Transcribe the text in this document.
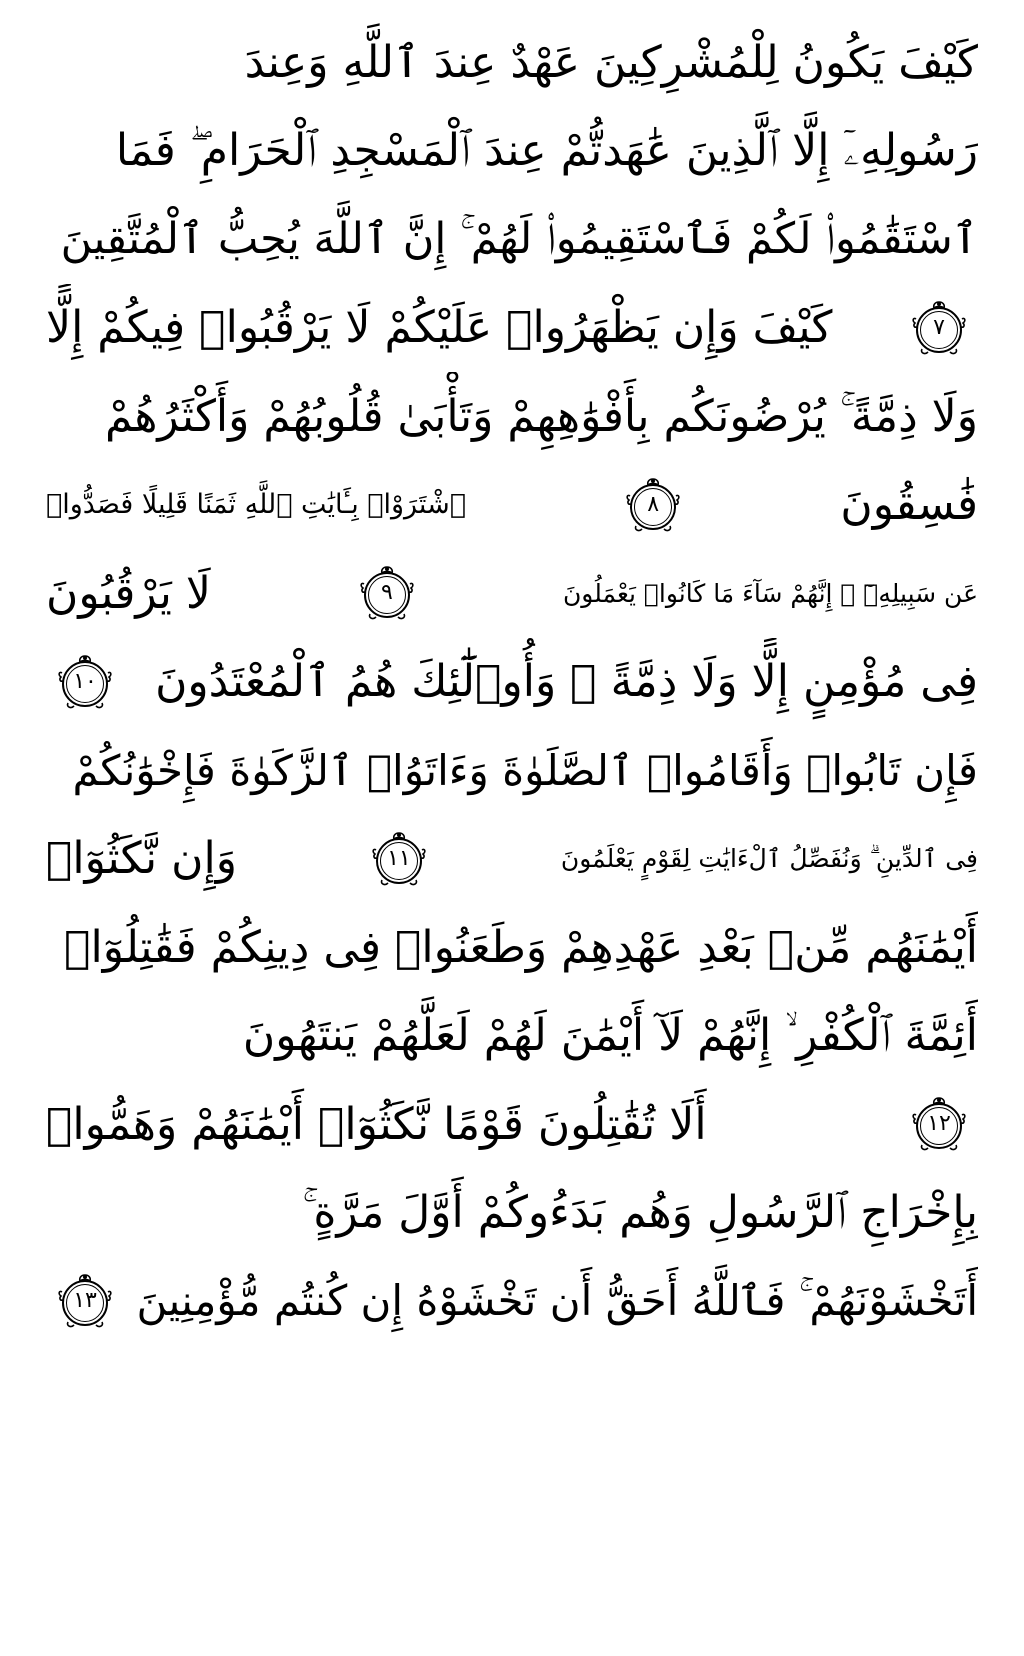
كَيْفَ يَكُونُ لِلْمُشْرِكِينَ عَهْدٌ عِندَ ٱللَّهِ وَعِندَ
رَسُولِهِۦٓ إِلَّا ٱلَّذِينَ عَٰهَدتُّمْ عِندَ ٱلْمَسْجِدِ ٱلْحَرَامِ ۖ فَمَا
ٱسْتَقَٰمُوا۟ لَكُمْ فَٱسْتَقِيمُوا۟ لَهُمْ ۚ إِنَّ ٱللَّهَ يُحِبُّ ٱلْمُتَّقِينَ
٧
كَيْفَ وَإِن يَظْهَرُوا۟ عَلَيْكُمْ لَا يَرْقُبُوا۟ فِيكُمْ إِلًّا
وَلَا ذِمَّةً ۚ يُرْضُونَكُم بِأَفْوَٰهِهِمْ وَتَأْبَىٰ قُلُوبُهُمْ وَأَكْثَرُهُمْ
فَٰسِقُونَ
٨
ٱشْتَرَوْا۟ بِـَٔايَٰتِ ٱللَّهِ ثَمَنًا قَلِيلًا فَصَدُّوا۟
عَن سَبِيلِهِۦٓ ۚ إِنَّهُمْ سَآءَ مَا كَانُوا۟ يَعْمَلُونَ
٩
لَا يَرْقُبُونَ
فِى مُؤْمِنٍ إِلًّا وَلَا ذِمَّةً ۚ وَأُو۟لَٰٓئِكَ هُمُ ٱلْمُعْتَدُونَ
١٠
فَإِن تَابُوا۟ وَأَقَامُوا۟ ٱلصَّلَوٰةَ وَءَاتَوُا۟ ٱلزَّكَوٰةَ فَإِخْوَٰنُكُمْ
فِى ٱلدِّينِ ۗ وَنُفَصِّلُ ٱلْءَايَٰتِ لِقَوْمٍ يَعْلَمُونَ
١١
وَإِن نَّكَثُوٓا۟
أَيْمَٰنَهُم مِّنۢ بَعْدِ عَهْدِهِمْ وَطَعَنُوا۟ فِى دِينِكُمْ فَقَٰتِلُوٓا۟
أَئِمَّةَ ٱلْكُفْرِ ۙ إِنَّهُمْ لَآ أَيْمَٰنَ لَهُمْ لَعَلَّهُمْ يَنتَهُونَ
١٢
أَلَا تُقَٰتِلُونَ قَوْمًا نَّكَثُوٓا۟ أَيْمَٰنَهُمْ وَهَمُّوا۟
بِإِخْرَاجِ ٱلرَّسُولِ وَهُم بَدَءُوكُمْ أَوَّلَ مَرَّةٍ ۚ
أَتَخْشَوْنَهُمْ ۚ فَٱللَّهُ أَحَقُّ أَن تَخْشَوْهُ إِن كُنتُم مُّؤْمِنِينَ
١٣
